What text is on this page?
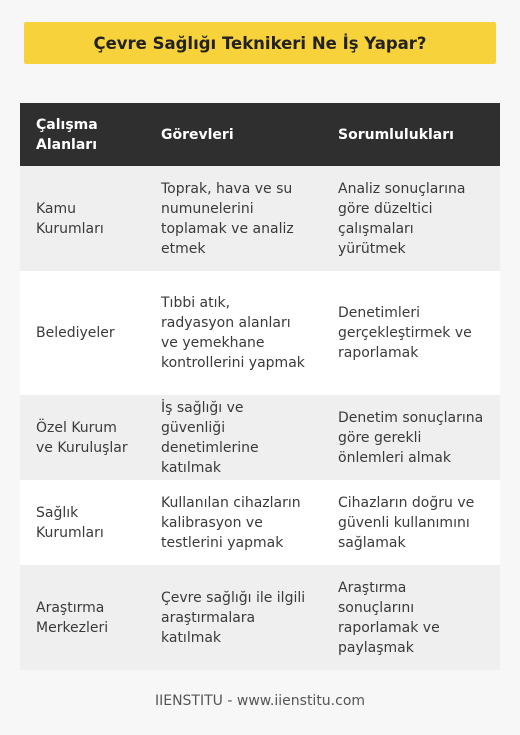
Çevre Sağlığı Teknikeri Ne İş Yapar?
Çalışma Alanları	Görevleri	Sorumlulukları
Kamu Kurumları	Toprak, hava ve su numunelerini toplamak ve analiz etmek	Analiz sonuçlarına göre düzeltici çalışmaları yürütmek
Belediyeler	Tıbbi atık, radyasyon alanları ve yemekhane kontrollerini yapmak	Denetimleri gerçekleştirmek ve raporlamak
Özel Kurum ve Kuruluşlar	İş sağlığı ve güvenliği denetimlerine katılmak	Denetim sonuçlarına göre gerekli önlemleri almak
Sağlık Kurumları	Kullanılan cihazların kalibrasyon ve testlerini yapmak	Cihazların doğru ve güvenli kullanımını sağlamak
Araştırma Merkezleri	Çevre sağlığı ile ilgili araştırmalara katılmak	Araştırma sonuçlarını raporlamak ve paylaşmak
IIENSTITU - www.iienstitu.com
